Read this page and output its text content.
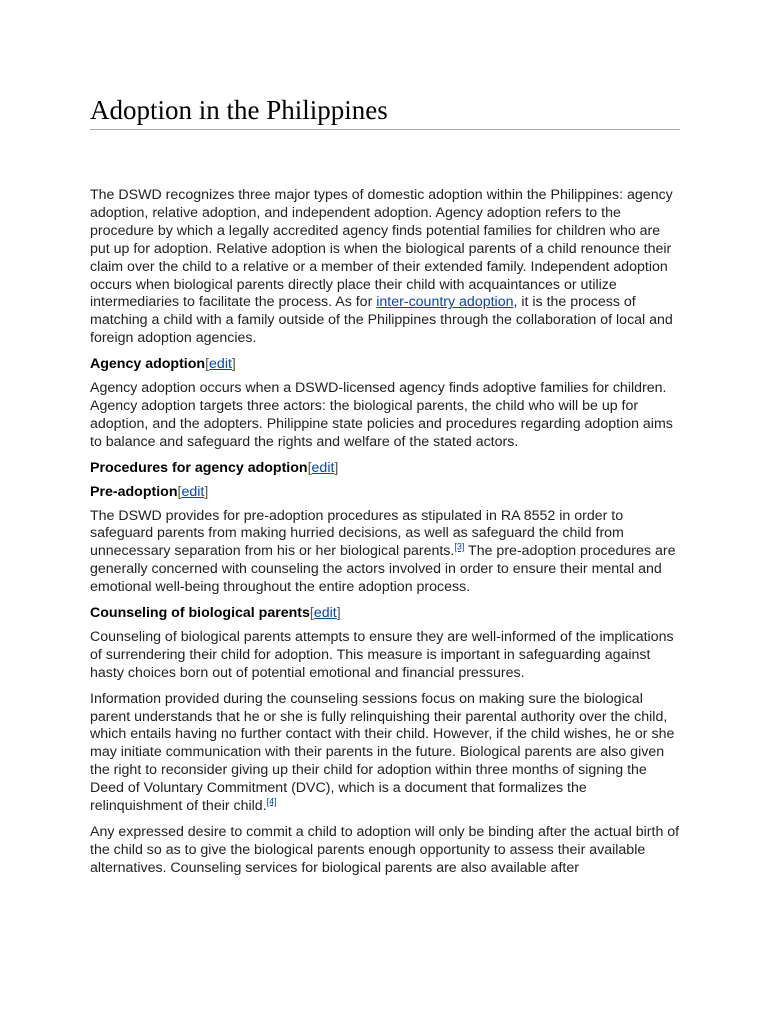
Adoption in the Philippines

The DSWD recognizes three major types of domestic adoption within the Philippines: agency adoption, relative adoption, and independent adoption. Agency adoption refers to the procedure by which a legally accredited agency finds potential families for children who are put up for adoption. Relative adoption is when the biological parents of a child renounce their claim over the child to a relative or a member of their extended family. Independent adoption occurs when biological parents directly place their child with acquaintances or utilize intermediaries to facilitate the process. As for inter-country adoption, it is the process of matching a child with a family outside of the Philippines through the collaboration of local and foreign adoption agencies.

Agency adoption[edit]

Agency adoption occurs when a DSWD-licensed agency finds adoptive families for children. Agency adoption targets three actors: the biological parents, the child who will be up for adoption, and the adopters. Philippine state policies and procedures regarding adoption aims to balance and safeguard the rights and welfare of the stated actors.

Procedures for agency adoption[edit]
Pre-adoption[edit]

The DSWD provides for pre-adoption procedures as stipulated in RA 8552 in order to safeguard parents from making hurried decisions, as well as safeguard the child from unnecessary separation from his or her biological parents.[3] The pre-adoption procedures are generally concerned with counseling the actors involved in order to ensure their mental and emotional well-being throughout the entire adoption process.

Counseling of biological parents[edit]

Counseling of biological parents attempts to ensure they are well-informed of the implications of surrendering their child for adoption. This measure is important in safeguarding against hasty choices born out of potential emotional and financial pressures.

Information provided during the counseling sessions focus on making sure the biological parent understands that he or she is fully relinquishing their parental authority over the child, which entails having no further contact with their child. However, if the child wishes, he or she may initiate communication with their parents in the future. Biological parents are also given the right to reconsider giving up their child for adoption within three months of signing the Deed of Voluntary Commitment (DVC), which is a document that formalizes the relinquishment of their child.[4]

Any expressed desire to commit a child to adoption will only be binding after the actual birth of the child so as to give the biological parents enough opportunity to assess their available alternatives. Counseling services for biological parents are also available after
